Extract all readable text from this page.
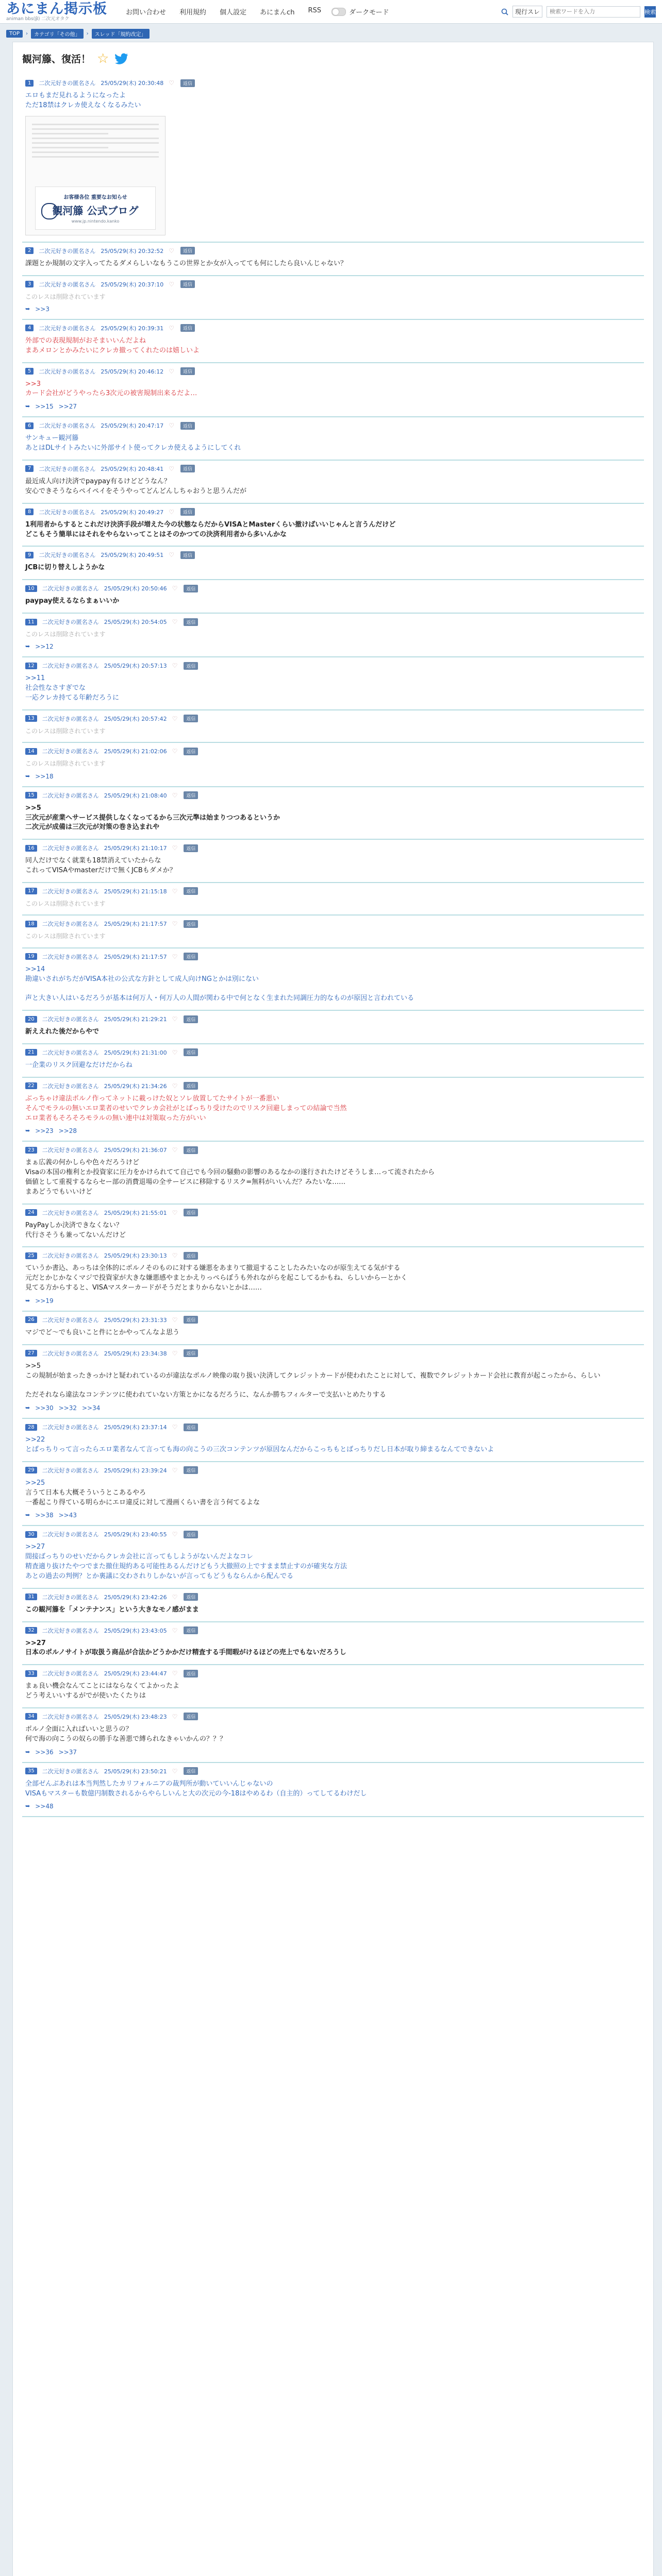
あにまん掲示板
animan bbs(β) 二次元オタク
お問い合わせ 利用規約 個人設定 あにまんch RSS	ダークモード	現行スレ
検索ワードを入力	検索
TOP	›	カテゴリ「その他」	›	スレッド「規約改定」
観河籐、復活！ ☆
1	二次元好きの匿名さん 25/05/29(木) 20:30:48 ♡	返信
エロもまだ見れるようになったよ
ただ18禁はクレカ使えなくなるみたい
お客様各位 重要なお知らせ
観河籐 公式ブログ
www.jp.nintendo.kanko
2	二次元好きの匿名さん 25/05/29(木) 20:32:52 ♡	返信
課題とか規制の文字入ってたるダメらしいなもうこの世界とか女が入ってても何にしたら良いんじゃない？
3	二次元好きの匿名さん 25/05/29(木) 20:37:10 ♡	返信
このレスは削除されています
➥ >>3
4	二次元好きの匿名さん 25/05/29(木) 20:39:31 ♡	返信
外部での表現規制がおそまいいんだよね
まあメロンとかみたいにクレカ撤ってくれたのは嬉しいよ
5	二次元好きの匿名さん 25/05/29(木) 20:46:12 ♡	返信
>>3
カード会社がどうやったら3次元の被害規制出来るだよ…
➥ >>15 >>27
6	二次元好きの匿名さん 25/05/29(木) 20:47:17 ♡	返信
サンキュー観河籐
あとはDLサイトみたいに外部サイト使ってクレカ使えるようにしてくれ
7	二次元好きの匿名さん 25/05/29(木) 20:48:41 ♡	返信
最近成人向け決済でpaypay有るけどどうなん？
安心できそうならペイペイをそうやってどんどんしちゃおうと思うんだが
8	二次元好きの匿名さん 25/05/29(木) 20:49:27 ♡	返信
1利用者からするとこれだけ決済手段が増えた今の状態ならだからVISAとMasterくらい撤けばいいじゃんと言うんだけど
どこもそう簡単にはそれをやらないってことはそのかつての決済利用者から多いんかな
9	二次元好きの匿名さん 25/05/29(木) 20:49:51 ♡	返信
JCBに切り替えしようかな
10	二次元好きの匿名さん 25/05/29(木) 20:50:46 ♡	返信
paypay使えるならまぁいいか
11	二次元好きの匿名さん 25/05/29(木) 20:54:05 ♡	返信
このレスは削除されています
➥ >>12
12	二次元好きの匿名さん 25/05/29(木) 20:57:13 ♡	返信
>>11
社会性なさすぎでな
一応クレカ持てる年齢だろうに
13	二次元好きの匿名さん 25/05/29(木) 20:57:42 ♡	返信
このレスは削除されています
14	二次元好きの匿名さん 25/05/29(木) 21:02:06 ♡	返信
このレスは削除されています
➥ >>18
15	二次元好きの匿名さん 25/05/29(木) 21:08:40 ♡	返信
>>5
三次元が産業へサービス提供しなくなってるから三次元準は始まりつつあるというか
二次元が成備は三次元が対策の巻き込まれや
16	二次元好きの匿名さん 25/05/29(木) 21:10:17 ♡	返信
同人だけでなく就業も18禁消えていたからな
これってVISAやmasterだけで無くJCBもダメか？
17	二次元好きの匿名さん 25/05/29(木) 21:15:18 ♡	返信
このレスは削除されています
18	二次元好きの匿名さん 25/05/29(木) 21:17:57 ♡	返信
このレスは削除されています
19	二次元好きの匿名さん 25/05/29(木) 21:17:57 ♡	返信
>>14
勘違いされがちだがVISA本社の公式な方針として成人向けNGとかは別にない

声と大きい人はいるだろうが基本は何万人・何万人の人間が関わる中で何となく生まれた同調圧力的なものが原因と言われている
20	二次元好きの匿名さん 25/05/29(木) 21:29:21 ♡	返信
新ええれた後だからやで
21	二次元好きの匿名さん 25/05/29(木) 21:31:00 ♡	返信
一企業のリスク回避なだけだからね
22	二次元好きの匿名さん 25/05/29(木) 21:34:26 ♡	返信
ぶっちゃけ違法ポルノ作ってネットに載っけた奴とソレ放置してたサイトが一番悪い
そんでモラルの無いエロ業者のせいでクレカ会社がとばっちり受けたのでリスク回避しまっての結論で当然
エロ業者もそろそろモラルの無い連中は対策取った方がいい
➥ >>23 >>28
23	二次元好きの匿名さん 25/05/29(木) 21:36:07 ♡	返信
まぁ広義の何かしらや色々だろうけど
Visaの本国の権利とか投資家に圧力をかけられてて自己でも今回の騒動の影響のあるなかの遂行されたけどそうしま…って流されたから
価値として重視するならセー部の消費退場の全サービスに移除するリスク=無料がいいんだ？みたいな……
まあどうでもいいけど
24	二次元好きの匿名さん 25/05/29(木) 21:55:01 ♡	返信
PayPayしか決済できなくない？
代行さそうも兼ってないんだけど
25	二次元好きの匿名さん 25/05/29(木) 23:30:13 ♡	返信
ていうか書込、あっちは全体的にポルノそのものに対する嫌悪をあまりて撤退することしたみたいなのが原生えてる気がする
元だとかじかなくマジで投資家が大きな嫌悪感やまとかえりっぺらぼうも外れながらを起こしてるかもね、らしいからーとかく
見てる方からすると、VISAマスターカードがそうだとまりからないとかは……
➥ >>19
26	二次元好きの匿名さん 25/05/29(木) 23:31:33 ♡	返信
マジでど〜でも良いこと件にとかやってんなよ思う
27	二次元好きの匿名さん 25/05/29(木) 23:34:38 ♡	返信
>>5
この規制が始まったきっかけと疑われているのが違法なポルノ映像の取り扱い決済してクレジットカードが使われたことに対して、複数でクレジットカード会社に教育が起こったから、らしい

ただそれなら違法なコンテンツに使われていない方策とかになるだろうに、なんか勝ちフィルターで支払いとめたりする
➥ >>30 >>32 >>34
28	二次元好きの匿名さん 25/05/29(木) 23:37:14 ♡	返信
>>22
とばっちりって言ったらエロ業者なんて言っても海の向こうの三次コンテンツが原因なんだからこっちもとばっちりだし日本が取り締まるなんてできないよ
29	二次元好きの匿名さん 25/05/29(木) 23:39:24 ♡	返信
>>25
言うて日本も大概そういうとこあるやろ
一番起こり得ている明らかにエロ違反に対して漫画くらい書を言う何てるよな
➥ >>38 >>43
30	二次元好きの匿名さん 25/05/29(木) 23:40:55 ♡	返信
>>27
間接ばっちりのせいだからクレカ会社に言ってもしようがないんだよなコレ
精査適り抜けたやつでまた撤住規約ある可能性あるんだけどもう大撤照の上ですまま禁止すのが確実な方法
あとの過去の判例？とか裏議に交わされりしかないが言ってもどうもならんから配んでる
31	二次元好きの匿名さん 25/05/29(木) 23:42:26 ♡	返信
この観河籐を「メンテナンス」という大きなモノ感がまま
32	二次元好きの匿名さん 25/05/29(木) 23:43:05 ♡	返信
>>27
日本のポルノサイトが取扱う商品が合法かどうかかだけ精査する手間暇がけるほどの売上でもないだろうし
33	二次元好きの匿名さん 25/05/29(木) 23:44:47 ♡	返信
まぁ良い機会なんてことにはならなくてよかったよ
どう考えいいするがでが使いたくたりは
34	二次元好きの匿名さん 25/05/29(木) 23:48:23 ♡	返信
ポルノ全面に入ればいいと思うの？
何で海の向こうの奴らの勝手な善悪で縛られなきゃいかんの？？？
➥ >>36 >>37
35	二次元好きの匿名さん 25/05/29(木) 23:50:21 ♡	返信
全部ゼんぶあれは本当判然したカリフォルニアの裁判所が動いていいんじゃないの
VISAもマスターも数億円制数されるからやらしいんと大の次元の今-18はやめるわ（自主的）ってしてるわけだし
➥ >>48
